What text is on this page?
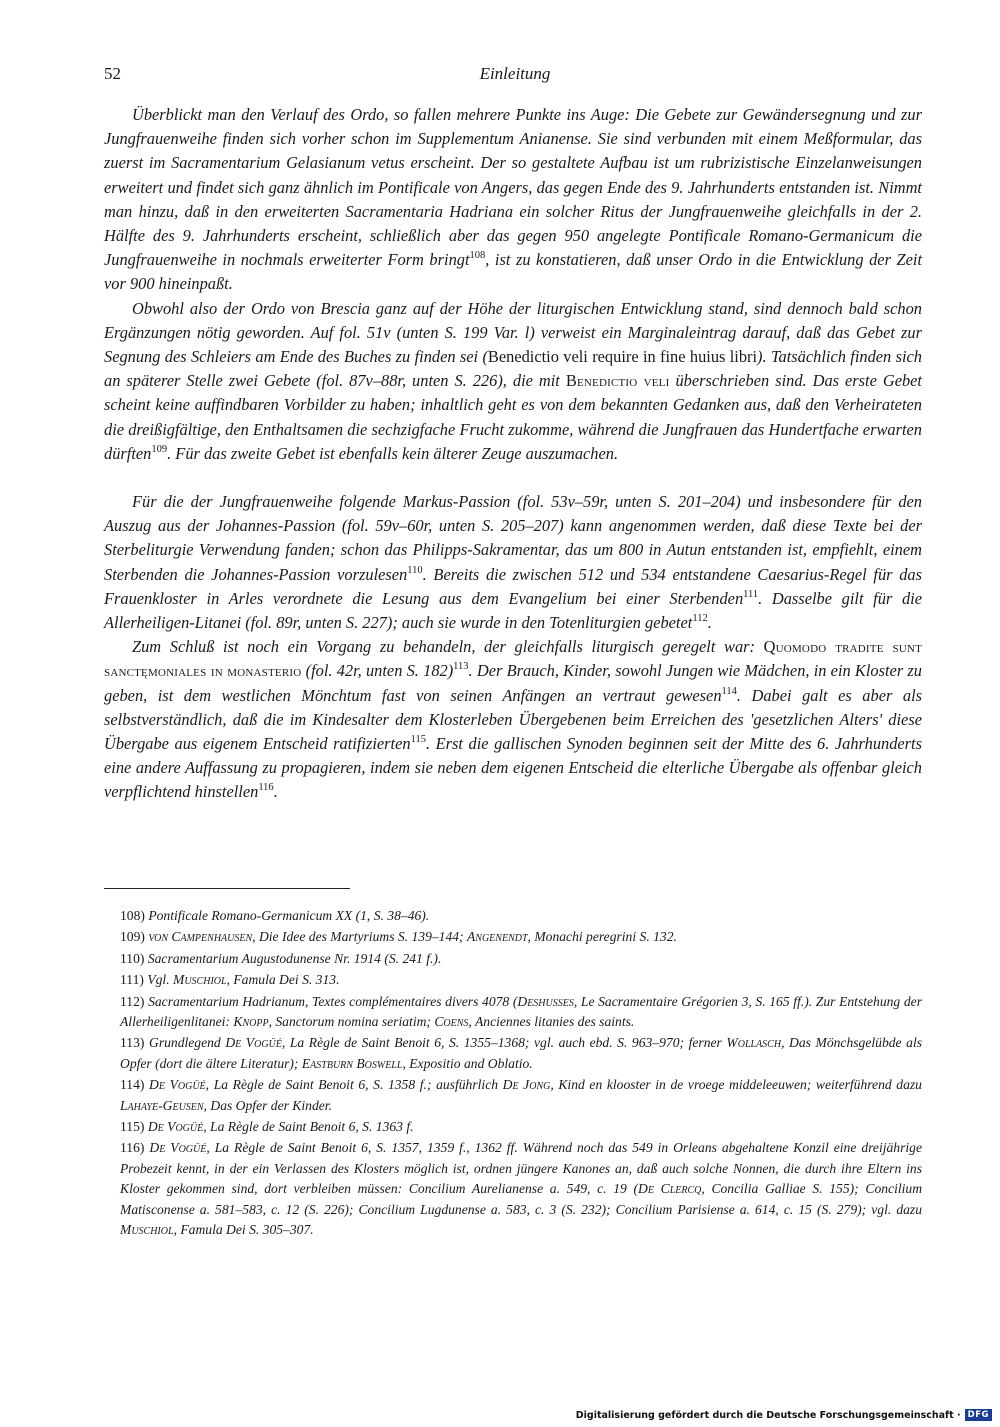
52	Einleitung

Überblickt man den Verlauf des Ordo, so fallen mehrere Punkte ins Auge: Die Gebete zur Gewändersegnung und zur Jungfrauenweihe finden sich vorher schon im Supplementum Anianense. Sie sind verbunden mit einem Meßformular, das zuerst im Sacramentarium Gelasianum vetus erscheint. Der so gestaltete Aufbau ist um rubrizistische Einzelanweisungen erweitert und findet sich ganz ähnlich im Pontificale von Angers, das gegen Ende des 9. Jahrhunderts entstanden ist. Nimmt man hinzu, daß in den erweiterten Sacramentaria Hadriana ein solcher Ritus der Jungfrauenweihe gleichfalls in der 2. Hälfte des 9. Jahrhunderts erscheint, schließlich aber das gegen 950 angelegte Pontificale Romano-Germanicum die Jungfrauenweihe in nochmals erweiterter Form bringt$^{108}$, ist zu konstatieren, daß unser Ordo in die Entwicklung der Zeit vor 900 hineinpaßt.

Obwohl also der Ordo von Brescia ganz auf der Höhe der liturgischen Entwicklung stand, sind dennoch bald schon Ergänzungen nötig geworden. Auf fol. 51v (unten S. 199 Var. l) verweist ein Marginaleintrag darauf, daß das Gebet zur Segnung des Schleiers am Ende des Buches zu finden sei (Benedictio veli require in fine huius libri). Tatsächlich finden sich an späterer Stelle zwei Gebete (fol. 87v–88r, unten S. 226), die mit Benedictio veli überschrieben sind. Das erste Gebet scheint keine auffindbaren Vorbilder zu haben; inhaltlich geht es von dem bekannten Gedanken aus, daß den Verheirateten die dreißigfältige, den Enthaltsamen die sechzigfache Frucht zukomme, während die Jungfrauen das Hundertfache erwarten dürften$^{109}$. Für das zweite Gebet ist ebenfalls kein älterer Zeuge auszumachen.

Für die der Jungfrauenweihe folgende Markus-Passion (fol. 53v–59r, unten S. 201–204) und insbesondere für den Auszug aus der Johannes-Passion (fol. 59v–60r, unten S. 205–207) kann angenommen werden, daß diese Texte bei der Sterbeliturgie Verwendung fanden; schon das Philipps-Sakramentar, das um 800 in Autun entstanden ist, empfiehlt, einem Sterbenden die Johannes-Passion vorzulesen$^{110}$. Bereits die zwischen 512 und 534 entstandene Caesarius-Regel für das Frauenkloster in Arles verordnete die Lesung aus dem Evangelium bei einer Sterbenden$^{111}$. Dasselbe gilt für die Allerheiligen-Litanei (fol. 89r, unten S. 227); auch sie wurde in den Totenliturgien gebetet$^{112}$.

Zum Schluß ist noch ein Vorgang zu behandeln, der gleichfalls liturgisch geregelt war: Quomodo tradite sunt sanctęmoniales in monasterio (fol. 42r, unten S. 182)$^{113}$. Der Brauch, Kinder, sowohl Jungen wie Mädchen, in ein Kloster zu geben, ist dem westlichen Mönchtum fast von seinen Anfängen an vertraut gewesen$^{114}$. Dabei galt es aber als selbstverständlich, daß die im Kindesalter dem Klosterleben Übergebenen beim Erreichen des 'gesetzlichen Alters' diese Übergabe aus eigenem Entscheid ratifizierten$^{115}$. Erst die gallischen Synoden beginnen seit der Mitte des 6. Jahrhunderts eine andere Auffassung zu propagieren, indem sie neben dem eigenen Entscheid die elterliche Übergabe als offenbar gleich verpflichtend hinstellen$^{116}$.

108) Pontificale Romano-Germanicum XX (1, S. 38–46).
109) von Campenhausen, Die Idee des Martyriums S. 139–144; Angenendt, Monachi peregrini S. 132.
110) Sacramentarium Augustodunense Nr. 1914 (S. 241 f.).
111) Vgl. Muschiol, Famula Dei S. 313.
112) Sacramentarium Hadrianum, Textes complémentaires divers 4078 (Deshusses, Le Sacramentaire Grégorien 3, S. 165 ff.). Zur Entstehung der Allerheiligenlitanei: Knopp, Sanctorum nomina seriatim; Coens, Anciennes litanies des saints.
113) Grundlegend De Vogüé, La Règle de Saint Benoit 6, S. 1355–1368; vgl. auch ebd. S. 963–970; ferner Wollasch, Das Mönchsgelübde als Opfer (dort die ältere Literatur); Eastburn Boswell, Expositio and Oblatio.
114) De Vogüé, La Règle de Saint Benoit 6, S. 1358 f.; ausführlich De Jong, Kind en klooster in de vroege middeleeuwen; weiterführend dazu Lahaye-Geusen, Das Opfer der Kinder.
115) De Vogüé, La Règle de Saint Benoit 6, S. 1363 f.
116) De Vogüé, La Règle de Saint Benoit 6, S. 1357, 1359 f., 1362 ff. Während noch das 549 in Orleans abgehaltene Konzil eine dreijährige Probezeit kennt, in der ein Verlassen des Klosters möglich ist, ordnen jüngere Kanones an, daß auch solche Nonnen, die durch ihre Eltern ins Kloster gekommen sind, dort verbleiben müssen: Concilium Aurelianense a. 549, c. 19 (De Clercq, Concilia Galliae S. 155); Concilium Matisconense a. 581–583, c. 12 (S. 226); Concilium Lugdunense a. 583, c. 3 (S. 232); Concilium Parisiense a. 614, c. 15 (S. 279); vgl. dazu Muschiol, Famula Dei S. 305–307.
Digitalisierung gefördert durch die Deutsche Forschungsgemeinschaft · DFG
